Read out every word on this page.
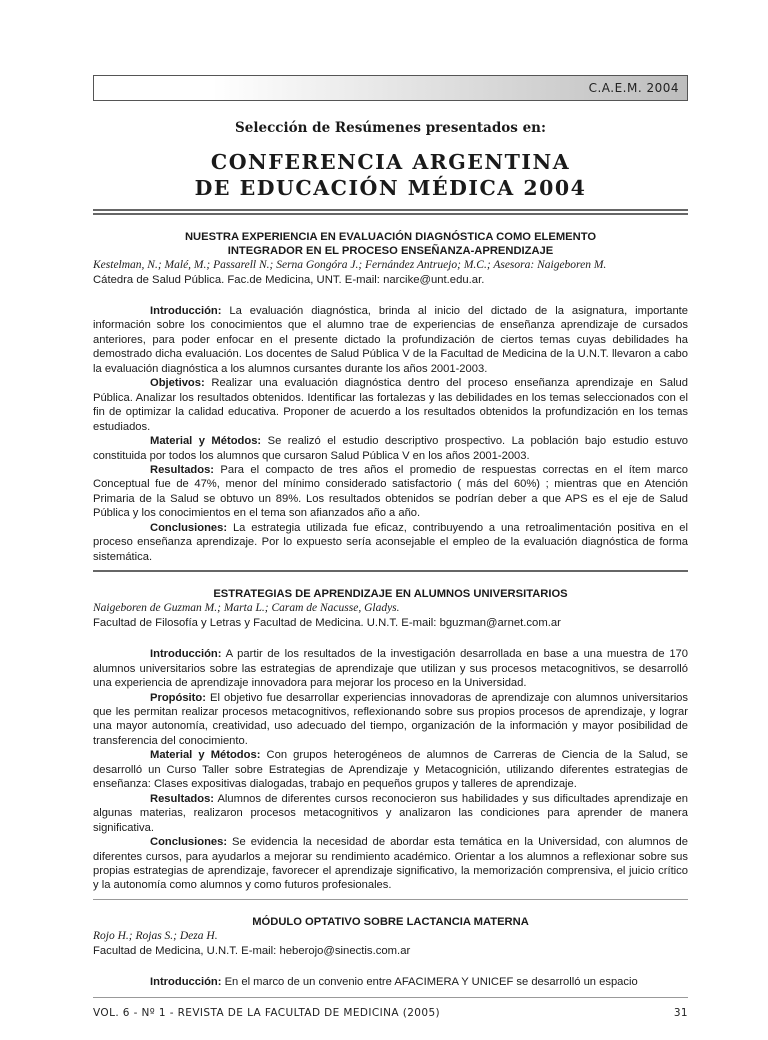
C.A.E.M. 2004
Selección de Resúmenes presentados en:
CONFERENCIA ARGENTINA
DE EDUCACIÓN MÉDICA 2004
NUESTRA EXPERIENCIA EN EVALUACIÓN DIAGNÓSTICA COMO ELEMENTO
INTEGRADOR EN EL PROCESO ENSEÑANZA-APRENDIZAJE
Kestelman, N.; Malé, M.; Passarell N.; Serna Gongóra J.; Fernández Antruejo; M.C.; Asesora: Naigeboren M.
Cátedra de Salud Pública. Fac.de Medicina, UNT. E-mail: narcike@unt.edu.ar.

Introducción: La evaluación diagnóstica, brinda al inicio del dictado de la asignatura, importante información sobre los conocimientos que el alumno trae de experiencias de enseñanza aprendizaje de cursados anteriores, para poder enfocar en el presente dictado la profundización de ciertos temas cuyas debilidades ha demostrado dicha evaluación. Los docentes de Salud Pública V de la Facultad de Medicina de la U.N.T. llevaron a cabo la evaluación diagnóstica a los alumnos cursantes durante los años 2001-2003.

Objetivos: Realizar una evaluación diagnóstica dentro del proceso enseñanza aprendizaje en Salud Pública. Analizar los resultados obtenidos. Identificar las fortalezas y las debilidades en los temas seleccionados con el fin de optimizar la calidad educativa. Proponer de acuerdo a los resultados obtenidos la profundización en los temas estudiados.

Material y Métodos: Se realizó el estudio descriptivo prospectivo. La población bajo estudio estuvo constituida por todos los alumnos que cursaron Salud Pública V en los años 2001-2003.

Resultados: Para el compacto de tres años el promedio de respuestas correctas en el ítem marco Conceptual fue de 47%, menor del mínimo considerado satisfactorio ( más del 60%) ; mientras que en Atención Primaria de la Salud se obtuvo un 89%. Los resultados obtenidos se podrían deber a que APS es el eje de Salud Pública y los conocimientos en el tema son afianzados año a año.

Conclusiones: La estrategia utilizada fue eficaz, contribuyendo a una retroalimentación positiva en el proceso enseñanza aprendizaje. Por lo expuesto sería aconsejable el empleo de la evaluación diagnóstica de forma sistemática.

ESTRATEGIAS DE APRENDIZAJE EN ALUMNOS UNIVERSITARIOS
Naigeboren de Guzman M.; Marta L.; Caram de Nacusse, Gladys.
Facultad de Filosofía y Letras y Facultad de Medicina. U.N.T. E-mail: bguzman@arnet.com.ar

Introducción: A partir de los resultados de la investigación desarrollada en base a una muestra de 170 alumnos universitarios sobre las estrategias de aprendizaje que utilizan y sus procesos metacognitivos, se desarrolló una experiencia de aprendizaje innovadora para mejorar los proceso en la Universidad.

Propósito: El objetivo fue desarrollar experiencias innovadoras de aprendizaje con alumnos universitarios que les permitan realizar procesos metacognitivos, reflexionando sobre sus propios procesos de aprendizaje, y lograr una mayor autonomía, creatividad, uso adecuado del tiempo, organización de la información y mayor posibilidad de transferencia del conocimiento.

Material y Métodos: Con grupos heterogéneos de alumnos de Carreras de Ciencia de la Salud, se desarrolló un Curso Taller sobre Estrategias de Aprendizaje y Metacognición, utilizando diferentes estrategias de enseñanza: Clases expositivas dialogadas, trabajo en pequeños grupos y talleres de aprendizaje.

Resultados: Alumnos de diferentes cursos reconocieron sus habilidades y sus dificultades aprendizaje en algunas materias, realizaron procesos metacognitivos y analizaron las condiciones para aprender de manera significativa.

Conclusiones: Se evidencia la necesidad de abordar esta temática en la Universidad, con alumnos de diferentes cursos, para ayudarlos a mejorar su rendimiento académico. Orientar a los alumnos a reflexionar sobre sus propias estrategias de aprendizaje, favorecer el aprendizaje significativo, la memorización comprensiva, el juicio crítico y la autonomía como alumnos y como futuros profesionales.

MÓDULO OPTATIVO SOBRE LACTANCIA MATERNA
Rojo H.; Rojas S.; Deza H.
Facultad de Medicina, U.N.T. E-mail: heberojo@sinectis.com.ar

Introducción: En el marco de un convenio entre AFACIMERA Y UNICEF se desarrolló un espacio

VOL. 6 - Nº 1 - REVISTA DE LA FACULTAD DE MEDICINA (2005)	31
